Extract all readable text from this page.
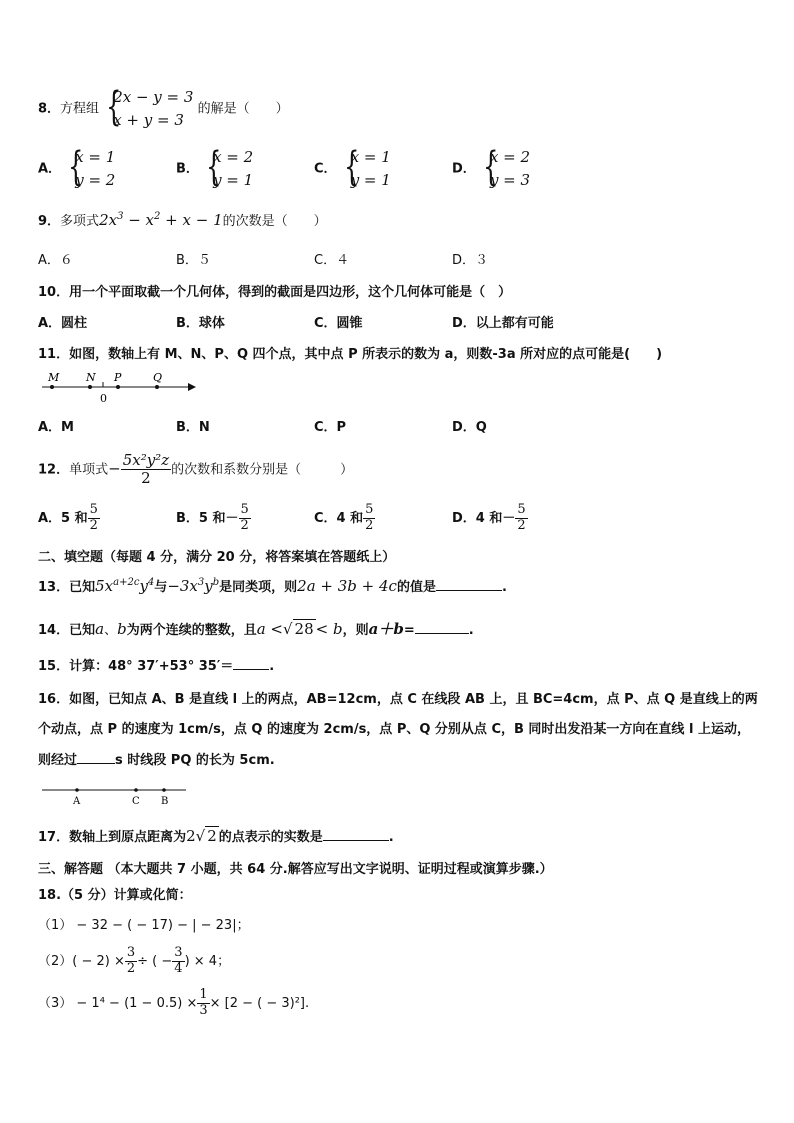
8．方程组 {
2x − y = 3
x + y = 3
的解是（　　）
A． {
x = 1
y = 2
B． {
x = 2
y = 1
C． {
x = 1
y = 1
D． {
x = 2
y = 3
9．多项式$2x^3 - x^2 + x - 1$的次数是（　　）
A．６	B．５	C．４	D．３
10．用一个平面取截一个几何体，得到的截面是四边形，这个几何体可能是（　）
A．圆柱	B．球体	C．圆锥	D．以上都有可能
11．如图，数轴上有 M、N、P、Q 四个点，其中点 P 所表示的数为 a，则数-3a 所对应的点可能是(　　)
M N P	Q
0
A．M	B．N	C．P	D．Q
12．单项式− $\frac{\text{5x²y²z}}{2}$ 的次数和系数分别是（　　　）
A．5 和 $\frac{5}{2}$	B．5 和－ $\frac{5}{2}$	C．4 和 $\frac{5}{2}$	D．4 和－ $\frac{5}{2}$
二、填空题（每题 4 分，满分 20 分，将答案填在答题纸上）
13．已知$5x^{a+2c}y^4$与$-3x^3y^b$是同类项，则2a + 3b + 4c的值是	.
14．已知a、b为两个连续的整数，且a <√ 28 < b，则a＋b=	.
15．计算：48° 37′+53° 35′＝	.
16．如图，已知点 A、B 是直线 l 上的两点，AB=12cm，点 C 在线段 AB 上，且 BC=4cm，点 P、点 Q 是直线上的两
个动点，点 P 的速度为 1cm/s，点 Q 的速度为 2cm/s，点 P、Q 分别从点 C，B 同时出发沿某一方向在直线 l 上运动，
则经过	s 时线段 PQ 的长为 5cm.
A	C B
17．数轴上到原点距离为2√ 2 的点表示的实数是	.
三、解答题 （本大题共 7 小题，共 64 分.解答应写出文字说明、证明过程或演算步骤.）
18.（5 分）计算或化简：
（1） − 32 − ( − 17) − | − 23|；
$(2)( - 2) \times \frac{3}{2}$ ÷ ( − $\frac{3}{4}$ ) × 4；
$(3) - 1^4 - (1 - 0.5) \times \frac{1}{3} \times [2$ − ( − 3)²].
